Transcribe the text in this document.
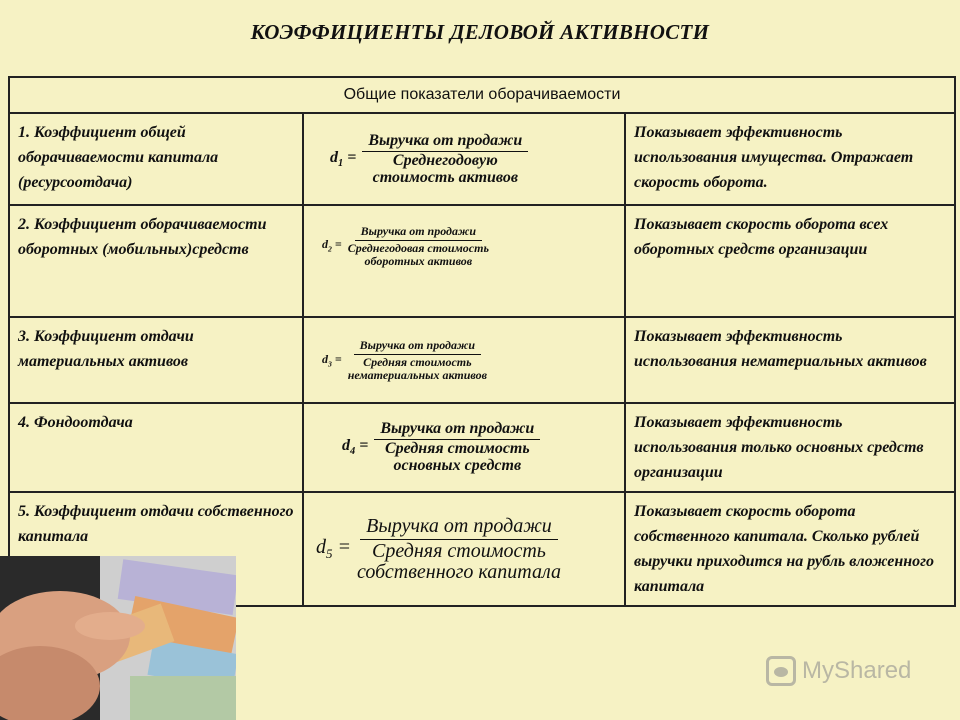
КОЭФФИЦИЕНТЫ ДЕЛОВОЙ АКТИВНОСТИ
Общие показатели оборачиваемости		
1. Коэффициент общей оборачиваемости капитала (ресурсоотдача)	$d_1$ =
Выручка от продажи
Среднегодовую
стоимость активов	Показывает эффективность использования имущества. Отражает скорость оборота.
2. Коэффициент оборачиваемости оборотных (мобильных)средств	$d_2$ =
Выручка от продажи
Среднегодовая стоимость
оборотных активов	Показывает скорость оборота всех оборотных средств организации
3. Коэффициент отдачи материальных активов	$d_3$ =
Выручка от продажи
Средняя стоимость
нематериальных активов	Показывает эффективность использования нематериальных активов
4. Фондоотдача	$d_4$ =
Выручка от продажи
Средняя стоимость
основных средств	Показывает эффективность использования только основных средств организации
5. Коэффициент отдачи собственного капитала	$d_5$ =
Выручка от продажи
Средняя стоимость
собственного капитала	Показывает скорость оборота собственного капитала. Сколько рублей выручки приходится на рубль вложенного капитала
MyShared
